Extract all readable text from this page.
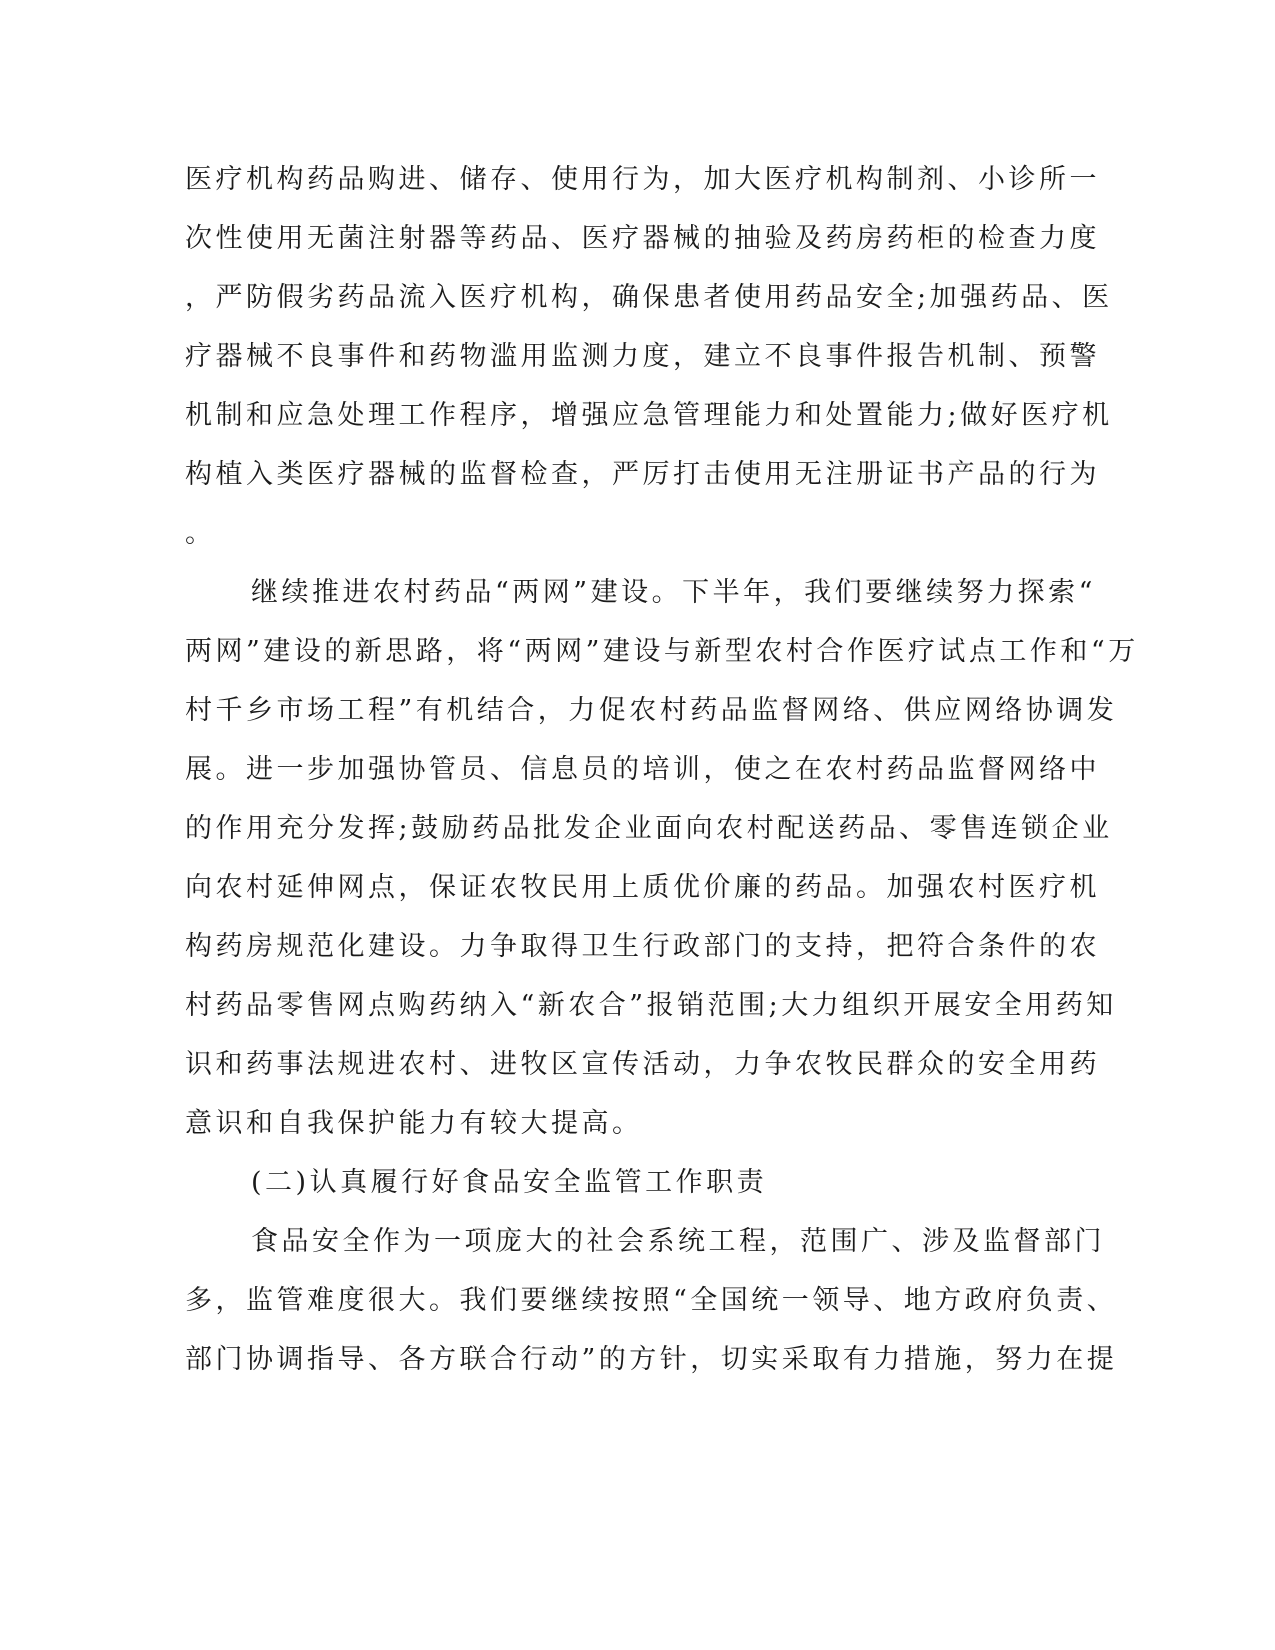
医疗机构药品购进、储存、使用行为，加大医疗机构制剂、小诊所一
次性使用无菌注射器等药品、医疗器械的抽验及药房药柜的检查力度
，严防假劣药品流入医疗机构，确保患者使用药品安全;加强药品、医
疗器械不良事件和药物滥用监测力度，建立不良事件报告机制、预警
机制和应急处理工作程序，增强应急管理能力和处置能力;做好医疗机
构植入类医疗器械的监督检查，严厉打击使用无注册证书产品的行为
。
继续推进农村药品“两网”建设。下半年，我们要继续努力探索“
两网”建设的新思路，将“两网”建设与新型农村合作医疗试点工作和“万
村千乡市场工程”有机结合，力促农村药品监督网络、供应网络协调发
展。进一步加强协管员、信息员的培训，使之在农村药品监督网络中
的作用充分发挥;鼓励药品批发企业面向农村配送药品、零售连锁企业
向农村延伸网点，保证农牧民用上质优价廉的药品。加强农村医疗机
构药房规范化建设。力争取得卫生行政部门的支持，把符合条件的农
村药品零售网点购药纳入“新农合”报销范围;大力组织开展安全用药知
识和药事法规进农村、进牧区宣传活动，力争农牧民群众的安全用药
意识和自我保护能力有较大提高。
(二)认真履行好食品安全监管工作职责
食品安全作为一项庞大的社会系统工程，范围广、涉及监督部门
多，监管难度很大。我们要继续按照“全国统一领导、地方政府负责、
部门协调指导、各方联合行动”的方针，切实采取有力措施，努力在提
